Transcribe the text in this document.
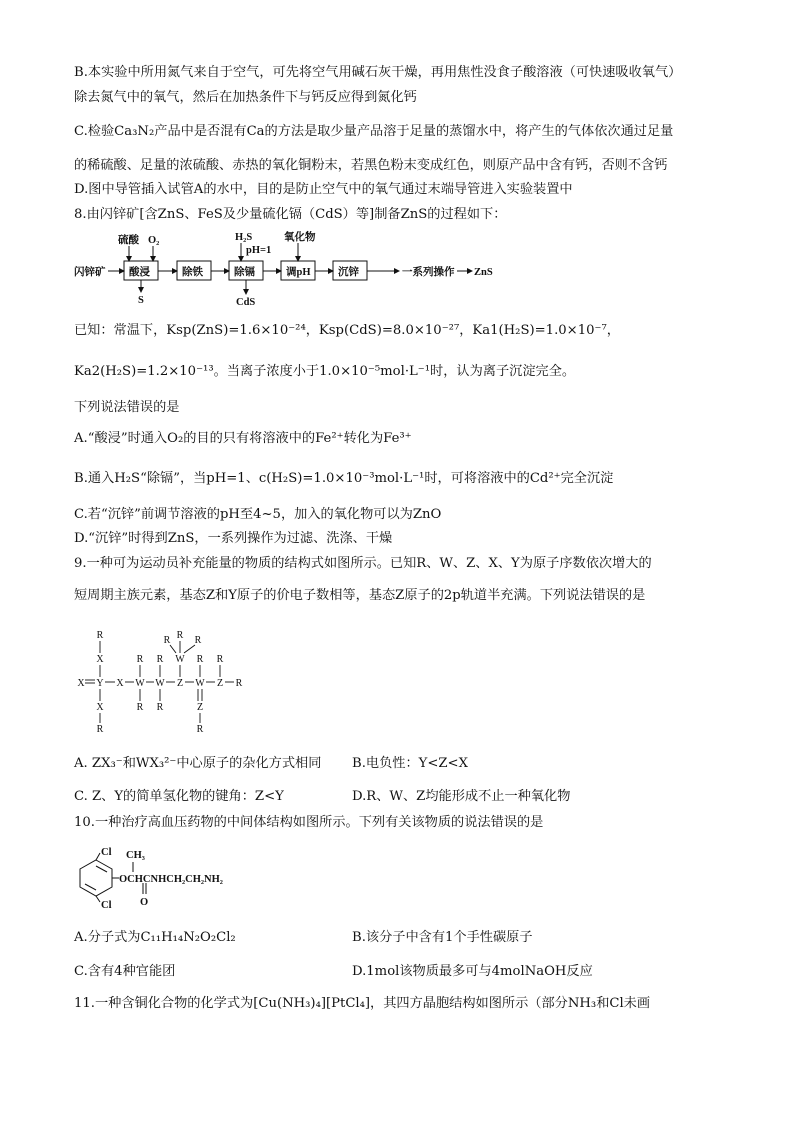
B.本实验中所用氮气来自于空气，可先将空气用碱石灰干燥，再用焦性没食子酸溶液（可快速吸收氧气）
除去氮气中的氧气，然后在加热条件下与钙反应得到氮化钙
C.检验Ca₃N₂产品中是否混有Ca的方法是取少量产品溶于足量的蒸馏水中，将产生的气体依次通过足量
的稀硫酸、足量的浓硫酸、赤热的氧化铜粉末，若黑色粉末变成红色，则原产品中含有钙，否则不含钙
D.图中导管插入试管A的水中，目的是防止空气中的氧气通过末端导管进入实验装置中
8.由闪锌矿[含ZnS、FeS及少量硫化镉（CdS）等]制备ZnS的过程如下：
闪锌矿
硫酸 O₂	H₂S
pH=1
氧化物
S	CdS
一系列操作 ZnS
酸浸	除铁	除镉	调pH	沉锌
已知：常温下，Ksp(ZnS)=1.6×10⁻²⁴，Ksp(CdS)=8.0×10⁻²⁷，Ka1(H₂S)=1.0×10⁻⁷，
Ka2(H₂S)=1.2×10⁻¹³。当离子浓度小于1.0×10⁻⁵mol·L⁻¹时，认为离子沉淀完全。
下列说法错误的是
A.“酸浸”时通入O₂的目的只有将溶液中的Fe²⁺转化为Fe³⁺
B.通入H₂S“除镉”，当pH=1、c(H₂S)=1.0×10⁻³mol·L⁻¹时，可将溶液中的Cd²⁺完全沉淀
C.若“沉锌”前调节溶液的pH至4~5，加入的氧化物可以为ZnO
D.“沉锌”时得到ZnS，一系列操作为过滤、洗涤、干燥
9.一种可为运动员补充能量的物质的结构式如图所示。已知R、W、Z、X、Y为原子序数依次增大的
短周期主族元素，基态Z和Y原子的价电子数相等，基态Z原子的2p轨道半充满。下列说法错误的是
R
X
X Y X
R
W
R
R
W
R
R R R
W
Z
R
W
Z
R
Z
R
R
X
R
A. ZX₃⁻和WX₃²⁻中心原子的杂化方式相同 B.电负性：Y<Z<X
C. Z、Y的简单氢化物的键角：Z<Y	D.R、W、Z均能形成不止一种氧化物
10.一种治疗高血压药物的中间体结构如图所示。下列有关该物质的说法错误的是
Cl CH₃
OCHCNHCH₂CH₂NH₂
O
Cl
A.分子式为C₁₁H₁₄N₂O₂Cl₂	B.该分子中含有1个手性碳原子
C.含有4种官能团	D.1mol该物质最多可与4molNaOH反应
11.一种含铜化合物的化学式为[Cu(NH₃)₄][PtCl₄]，其四方晶胞结构如图所示（部分NH₃和Cl未画
